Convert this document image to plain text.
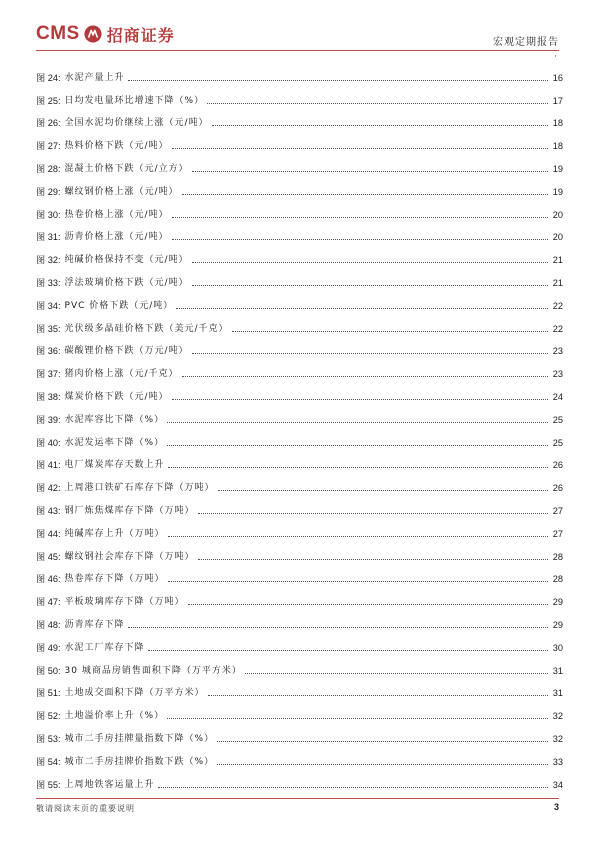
CMS 招商证券	宏观定期报告
·
图 24: 水泥产量上升	16
图 25: 日均发电量环比增速下降（%）	17
图 26: 全国水泥均价继续上涨（元/吨）	18
图 27: 热料价格下跌（元/吨）	18
图 28: 混凝土价格下跌（元/立方）	19
图 29: 螺纹钢价格上涨（元/吨）	19
图 30: 热卷价格上涨（元/吨）	20
图 31: 沥青价格上涨（元/吨）	20
图 32: 纯碱价格保持不变（元/吨）	21
图 33: 浮法玻璃价格下跌（元/吨）	21
图 34: PVC 价格下跌（元/吨）	22
图 35: 光伏级多晶硅价格下跌（美元/千克）	22
图 36: 碳酸锂价格下跌（万元/吨）	23
图 37: 猪肉价格上涨（元/千克）	23
图 38: 煤炭价格下跌（元/吨）	24
图 39: 水泥库容比下降（%）	25
图 40: 水泥发运率下降（%）	25
图 41: 电厂煤炭库存天数上升	26
图 42: 上周港口铁矿石库存下降（万吨）	26
图 43: 钢厂炼焦煤库存下降（万吨）	27
图 44: 纯碱库存上升（万吨）	27
图 45: 螺纹钢社会库存下降（万吨）	28
图 46: 热卷库存下降（万吨）	28
图 47: 平板玻璃库存下降（万吨）	29
图 48: 沥青库存下降	29
图 49: 水泥工厂库存下降	30
图 50: 30 城商品房销售面积下降（万平方米）	31
图 51: 土地成交面积下降（万平方米）	31
图 52: 土地溢价率上升（%）	32
图 53: 城市二手房挂牌量指数下降（%）	32
图 54: 城市二手房挂牌价指数下跌（%）	33
图 55: 上周地铁客运量上升	34
敬请阅读末页的重要说明	3
